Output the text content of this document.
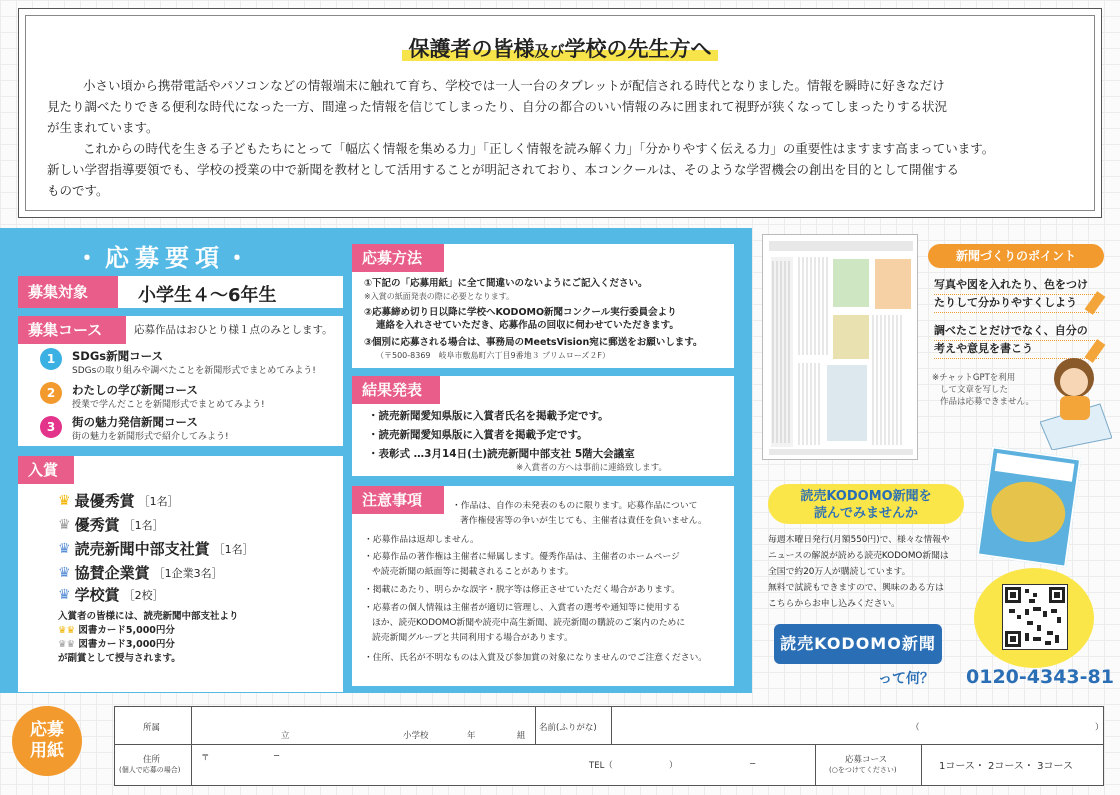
保護者の皆様及び学校の先生方へ
小さい頃から携帯電話やパソコンなどの情報端末に触れて育ち、学校では一人一台のタブレットが配信される時代となりました。情報を瞬時に好きなだけ
見たり調べたりできる便利な時代になった一方、間違った情報を信じてしまったり、自分の都合のいい情報のみに囲まれて視野が狭くなってしまったりする状況
が生まれています。
これからの時代を生きる子どもたちにとって「幅広く情報を集める力」「正しく情報を読み解く力」「分かりやすく伝える力」の重要性はますます高まっています。
新しい学習指導要領でも、学校の授業の中で新聞を教材として活用することが明記されており、本コンクールは、そのような学習機会の創出を目的として開催する
ものです。
・応募要項・
募集対象	小学生４～6年生
募集コース	応募作品はおひとり様１点のみとします。
1	SDGs新聞コース
SDGsの取り組みや調べたことを新聞形式でまとめてみよう!
2	わたしの学び新聞コース
授業で学んだことを新聞形式でまとめてみよう!
3	街の魅力発信新聞コース
街の魅力を新聞形式で紹介してみよう!
入賞
♛ 最優秀賞 ［1名］
♛ 優秀賞 ［1名］
♛ 読売新聞中部支社賞 ［1名］
♛ 協賛企業賞 ［1企業3名］
♛ 学校賞 ［2校］
入賞者の皆様には、読売新聞中部支社より
♛♛ 図書カード5,000円分
♛♛ 図書カード3,000円分
が副賞として授与されます。
応募方法
①下記の「応募用紙」に全て間違いのないようにご記入ください。
※入賞の紙面発表の際に必要となります。
②応募締め切り日以降に学校へKODOMO新聞コンクール実行委員会より
連絡を入れさせていただき、応募作品の回収に伺わせていただきます。
③個別に応募される場合は、事務局のMeetsVision宛に郵送をお願いします。
（〒500-8369　岐阜市敷島町六丁目9番地３ プリムローズ２F）
結果発表
・読売新聞愛知県版に入賞者氏名を掲載予定です。
・読売新聞愛知県版に入賞者を掲載予定です。
・表彰式 …3月14日(土)読売新聞中部支社 5階大会議室
※入賞者の方へは事前に連絡致します。
注意事項	・作品は、自作の未発表のものに限ります。応募作品について
著作権侵害等の争いが生じても、主催者は責任を負いません。
・応募作品は返却しません。
・応募作品の著作権は主催者に帰属します。優秀作品は、主催者のホームページ
や読売新聞の紙面等に掲載されることがあります。
・掲載にあたり、明らかな誤字・脱字等は修正させていただく場合があります。
・応募者の個人情報は主催者が適切に管理し、入賞者の選考や通知等に使用する
ほか、読売KODOMO新聞や読売中高生新聞、読売新聞の購読のご案内のために
読売新聞グループと共同利用する場合があります。
・住所、氏名が不明なものは入賞及び参加賞の対象になりませんのでご注意ください。
新聞づくりのポイント
写真や図を入れたり、色をつけ
たりして分かりやすくしよう
調べたことだけでなく、自分の
考えや意見を書こう
※チャットGPTを利用
して文章を写した
作品は応募できません。
読売KODOMO新聞を
読んでみませんか
毎週木曜日発行(月額550円)で、様々な情報や
ニュースの解説が読める読売KODOMO新聞は
全国で約20万人が購読しています。
無料で試読もできますので、興味のある方は
こちらからお申し込みください。
読売KODOMO新聞
って何？ 0120-4343-81
応募
用紙
所属
立	小学校	年	組
名前(ふりがな)	（	）
住所
(個人で応募の場合)
〒	−
TEL（	）	−	応募コース
(○をつけてください)	1コース・ 2コース・ 3コース
